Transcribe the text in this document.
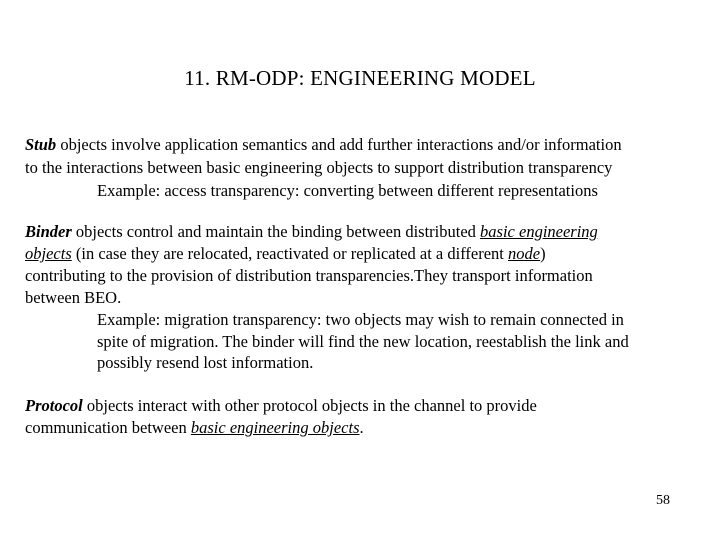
11. RM-ODP: ENGINEERING MODEL
Stub objects involve application semantics and add further interactions and/or information
to the interactions between basic engineering objects to support distribution transparency
Example: access transparency: converting between different representations
Binder objects control and maintain the binding between distributed basic engineering
objects (in case they are relocated, reactivated or replicated at a different node)
contributing to the provision of distribution transparencies.They transport information
between BEO.
Example: migration transparency: two objects may wish to remain connected in
spite of migration. The binder will find the new location, reestablish the link and
possibly resend lost information.
Protocol objects interact with other protocol objects in the channel to provide
communication between basic engineering objects.
58
